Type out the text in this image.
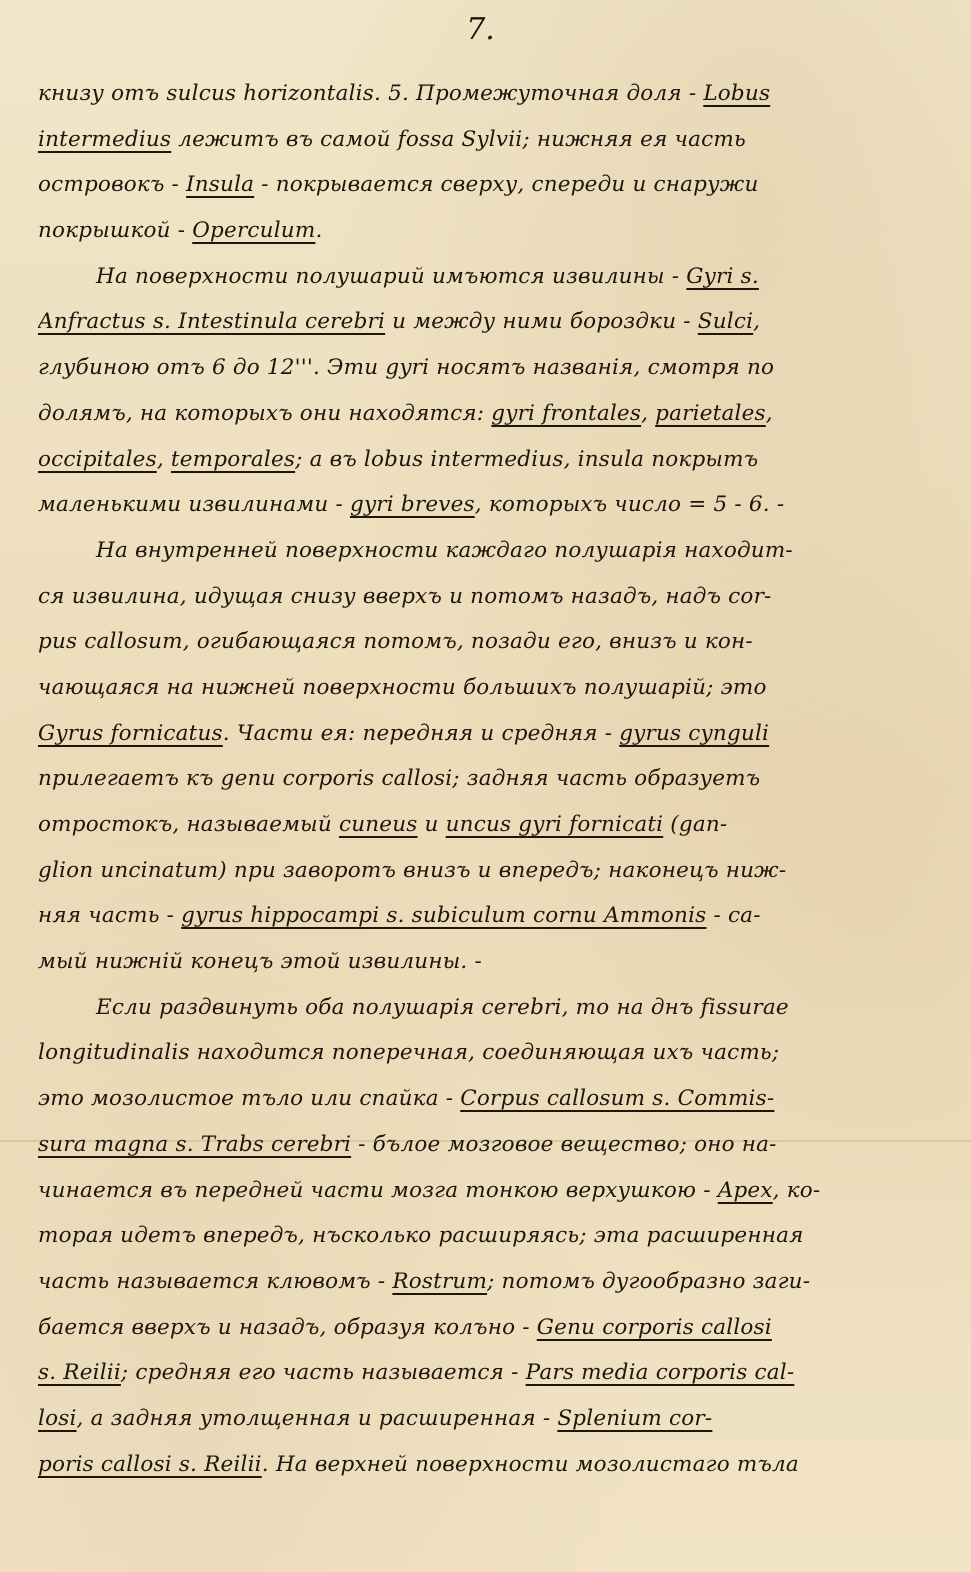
7.
книзу отъ sulcus horizontalis. 5. Промежуточная доля - Lobus
intermedius лежитъ въ самой fossa Sylvii; нижняя ея часть
островокъ - Insula - покрывается сверху, спереди и снаружи
покрышкой - Operculum.
На поверхности полушарий имъются извилины - Gyri s.
Anfractus s. Intestinula cerebri и между ними бороздки - Sulci,
глубиною отъ 6 до 12'''. Эти gyri носятъ названія, смотря по
долямъ, на которыхъ они находятся: gyri frontales, parietales,
occipitales, temporales; а въ lobus intermedius, insula покрытъ
маленькими извилинами - gyri breves, которыхъ число = 5 - 6. -
На внутренней поверхности каждаго полушарія находит-
ся извилина, идущая снизу вверхъ и потомъ назадъ, надъ cor-
pus callosum, огибающаяся потомъ, позади его, внизъ и кон-
чающаяся на нижней поверхности большихъ полушарій; это
Gyrus fornicatus. Части ея: передняя и средняя - gyrus cynguli
прилегаетъ къ genu corporis callosi; задняя часть образуетъ
отростокъ, называемый cuneus и uncus gyri fornicati (gan-
glion uncinatum) при заворотъ внизъ и впередъ; наконецъ ниж-
няя часть - gyrus hippocampi s. subiculum cornu Ammonis - са-
мый нижній конецъ этой извилины. -
Если раздвинуть оба полушарія cerebri, то на днъ fissurae
longitudinalis находится поперечная, соединяющая ихъ часть;
это мозолистое тъло или спайка - Corpus callosum s. Commis-
sura magna s. Trabs cerebri - бълое мозговое вещество; оно на-
чинается въ передней части мозга тонкою верхушкою - Apex, ко-
торая идетъ впередъ, нъсколько расширяясь; эта расширенная
часть называется клювомъ - Rostrum; потомъ дугообразно заги-
бается вверхъ и назадъ, образуя колъно - Genu corporis callosi
s. Reilii; средняя его часть называется - Pars media corporis cal-
losi, а задняя утолщенная и расширенная - Splenium cor-
poris callosi s. Reilii. На верхней поверхности мозолистаго тъла
